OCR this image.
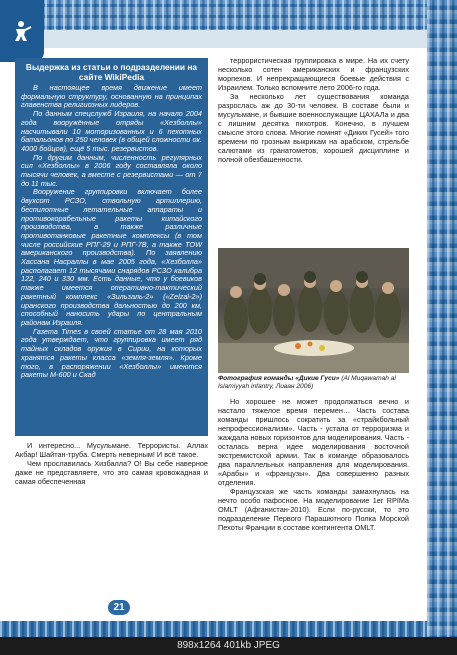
Выдержка из статьи о подразделении на сайте WikiPedia

В настоящее время движение имеет формальную структуру, основанную на принципах главенства религиозных лидеров.

По данным спецслужб Израиля, на начало 2004 года вооружённые отряды «Хезболлы» насчитывали 10 моторизованных и 6 пехотных батальонов по 250 человек (в общей сложности ок. 4000 бойцов), ещё 5 тыс. резервистов.

По другим данным, численность регулярных сил «Хезболлы» в 2006 году составляла около тысячи человек, а вместе с резервистами — от 7 до 11 тыс.

Вооружение группировки включает более двухсот РСЗО, ствольную артиллерию, беспилотные летательные аппараты и противокорабельные ракеты китайского производства, а также различные противотанковые ракетные комплексы (в том числе российские РПГ-29 и РПГ-7В, а также TOW американского производства). По заявлению Хассана Насраллы в мае 2005 года, «Хезболла» располагает 12 тысячами снарядов РСЗО калибра 122, 240 и 330 мм. Есть данные, что у боевиков также имеется оперативно-тактический ракетный комплекс «Зильзаль-2» («Zelzal-2») иранского производства дальностью до 200 км, способный наносить удары по центральным районам Израиля.

Газета Times в своей статье от 28 мая 2010 года утверждает, что группировка имеет ряд тайных складов оружия в Сирии, на которых хранятся ракеты класса «земля-земля». Кроме того, в распоряжении «Хезболлы» имеются ракеты М-600 и Скад

И интересно... Мусульмане. Террористы. Аллах Акбар! Шайтан-труба. Смерть неверным! И всё такое.

Чем прославилась Хизбалла? О! Вы себе наверное даже не представляете, что это самая кровожадная и самая обеспеченная

террористическая группировка в мире. На их счету несколько сотен американских и французских морпехов. И непрекращающиеся боевые действия с Израилем. Только вспомните лето 2006-го года.

За несколько лет существования команда разрослась аж до 30-ти человек. В составе были и мусульмане, и бывшие военнослужащие ЦАХАЛа и два с лишним десятка пихотров. Конечно, в лучшем смысле этого слова. Многие помнят «Диких Гусей» того времени по грозным выкрикам на арабском, стрельбе салютами из гранатометов, хорошей дисциплине и полной обезбашенности.

Фотография команды «Дикие Гуси» (Al Muqawamah al Islamiyyah infantry, Ливан 2006)

Но хорошее не может продолжаться вечно и настало тяжелое время перемен… Часть состава команды пришлось сократить за «страйкбольный непрофессионализм». Часть - устала от терроризма и жаждала новых горизонтов для моделирования. Часть - осталась верна идее моделирования восточной экстремистской армии. Так в команде образовалось два параллельных направления для моделирования. «Арабы» и «французы». Два совершенно разных отделения.

Французская же часть команды замахнулась на нечто особо пафосное. На моделирование 1er RPIMa OMLT (Афганистан-2010). Если по-русски, то это подразделение Первого Парашютного Полка Морской Пехоты Франции в составе контингента OMLT.

21
898x1264 401kb JPEG
